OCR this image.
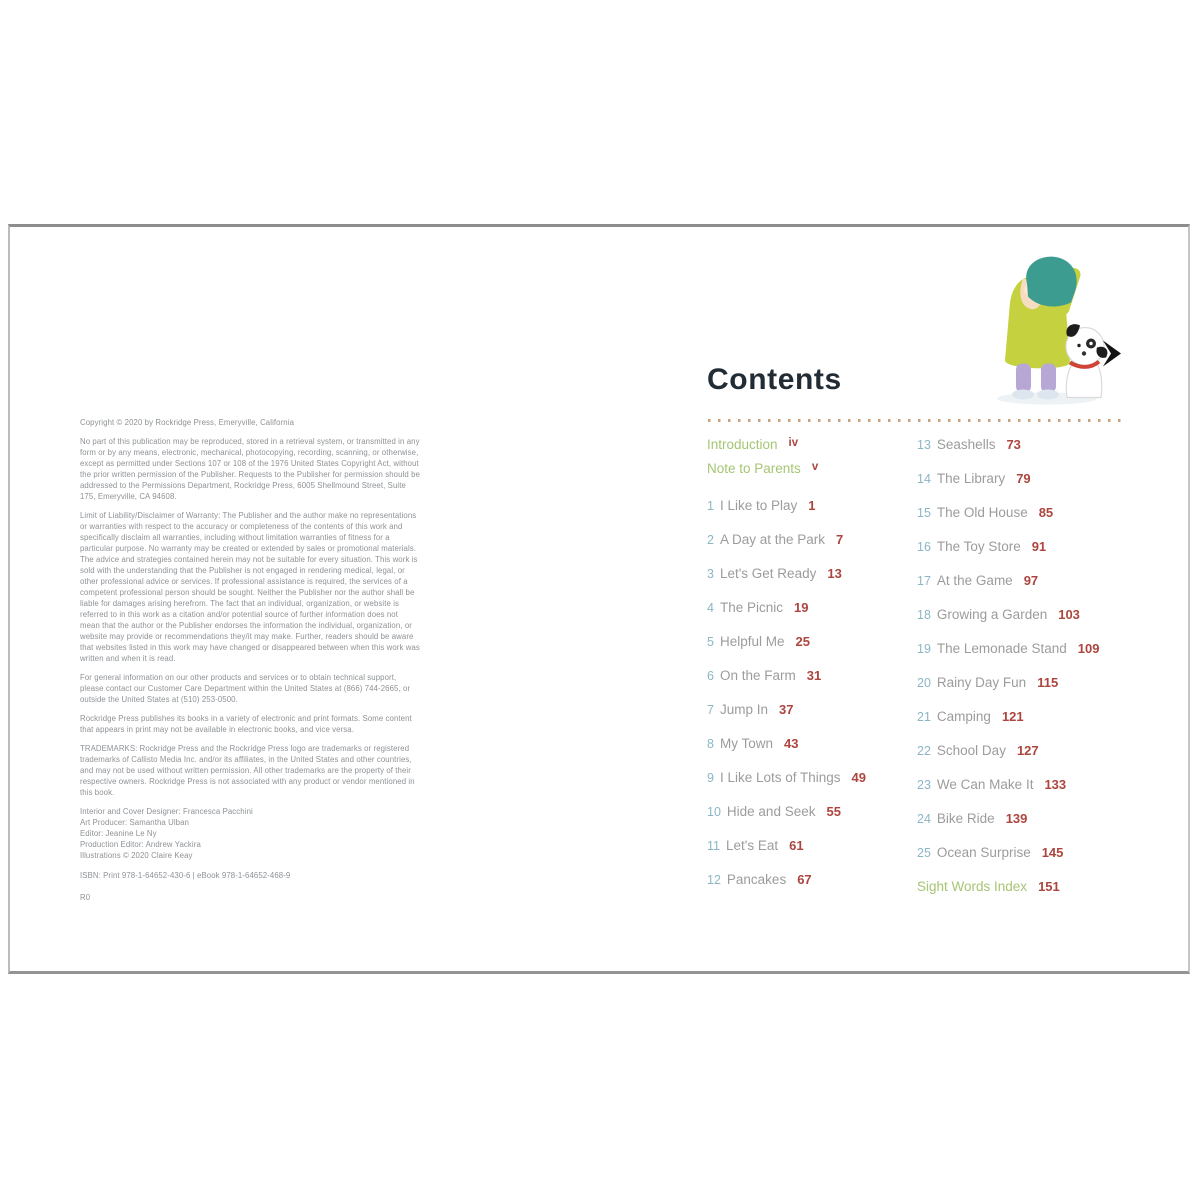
Copyright © 2020 by Rockridge Press, Emeryville, California

No part of this publication may be reproduced, stored in a retrieval system, or transmitted in any form or by any means, electronic, mechanical, photocopying, recording, scanning, or otherwise, except as permitted under Sections 107 or 108 of the 1976 United States Copyright Act, without the prior written permission of the Publisher. Requests to the Publisher for permission should be addressed to the Permissions Department, Rockridge Press, 6005 Shellmound Street, Suite 175, Emeryville, CA 94608.

Limit of Liability/Disclaimer of Warranty: The Publisher and the author make no representations or warranties with respect to the accuracy or completeness of the contents of this work and specifically disclaim all warranties, including without limitation warranties of fitness for a particular purpose. No warranty may be created or extended by sales or promotional materials. The advice and strategies contained herein may not be suitable for every situation. This work is sold with the understanding that the Publisher is not engaged in rendering medical, legal, or other professional advice or services. If professional assistance is required, the services of a competent professional person should be sought. Neither the Publisher nor the author shall be liable for damages arising herefrom. The fact that an individual, organization, or website is referred to in this work as a citation and/or potential source of further information does not mean that the author or the Publisher endorses the information the individual, organization, or website may provide or recommendations they/it may make. Further, readers should be aware that websites listed in this work may have changed or disappeared between when this work was written and when it is read.

For general information on our other products and services or to obtain technical support, please contact our Customer Care Department within the United States at (866) 744-2665, or outside the United States at (510) 253-0500.

Rockridge Press publishes its books in a variety of electronic and print formats. Some content that appears in print may not be available in electronic books, and vice versa.

TRADEMARKS: Rockridge Press and the Rockridge Press logo are trademarks or registered trademarks of Callisto Media Inc. and/or its affiliates, in the United States and other countries, and may not be used without written permission. All other trademarks are the property of their respective owners. Rockridge Press is not associated with any product or vendor mentioned in this book.

Interior and Cover Designer: Francesca Pacchini
Art Producer: Samantha Ulban
Editor: Jeanine Le Ny
Production Editor: Andrew Yackira
Illustrations © 2020 Claire Keay
ISBN: Print 978-1-64652-430-6 | eBook 978-1-64652-468-9
R0
Contents
Introduction iv
Note to Parents v
1 I Like to Play 1
2 A Day at the Park 7
3 Let's Get Ready 13
4 The Picnic 19
5 Helpful Me 25
6 On the Farm 31
7 Jump In 37
8 My Town 43
9 I Like Lots of Things 49
10 Hide and Seek 55
11 Let's Eat 61
12 Pancakes 67
13 Seashells 73
14 The Library 79
15 The Old House 85
16 The Toy Store 91
17 At the Game 97
18 Growing a Garden 103
19 The Lemonade Stand 109
20 Rainy Day Fun 115
21 Camping 121
22 School Day 127
23 We Can Make It 133
24 Bike Ride 139
25 Ocean Surprise 145
Sight Words Index 151
